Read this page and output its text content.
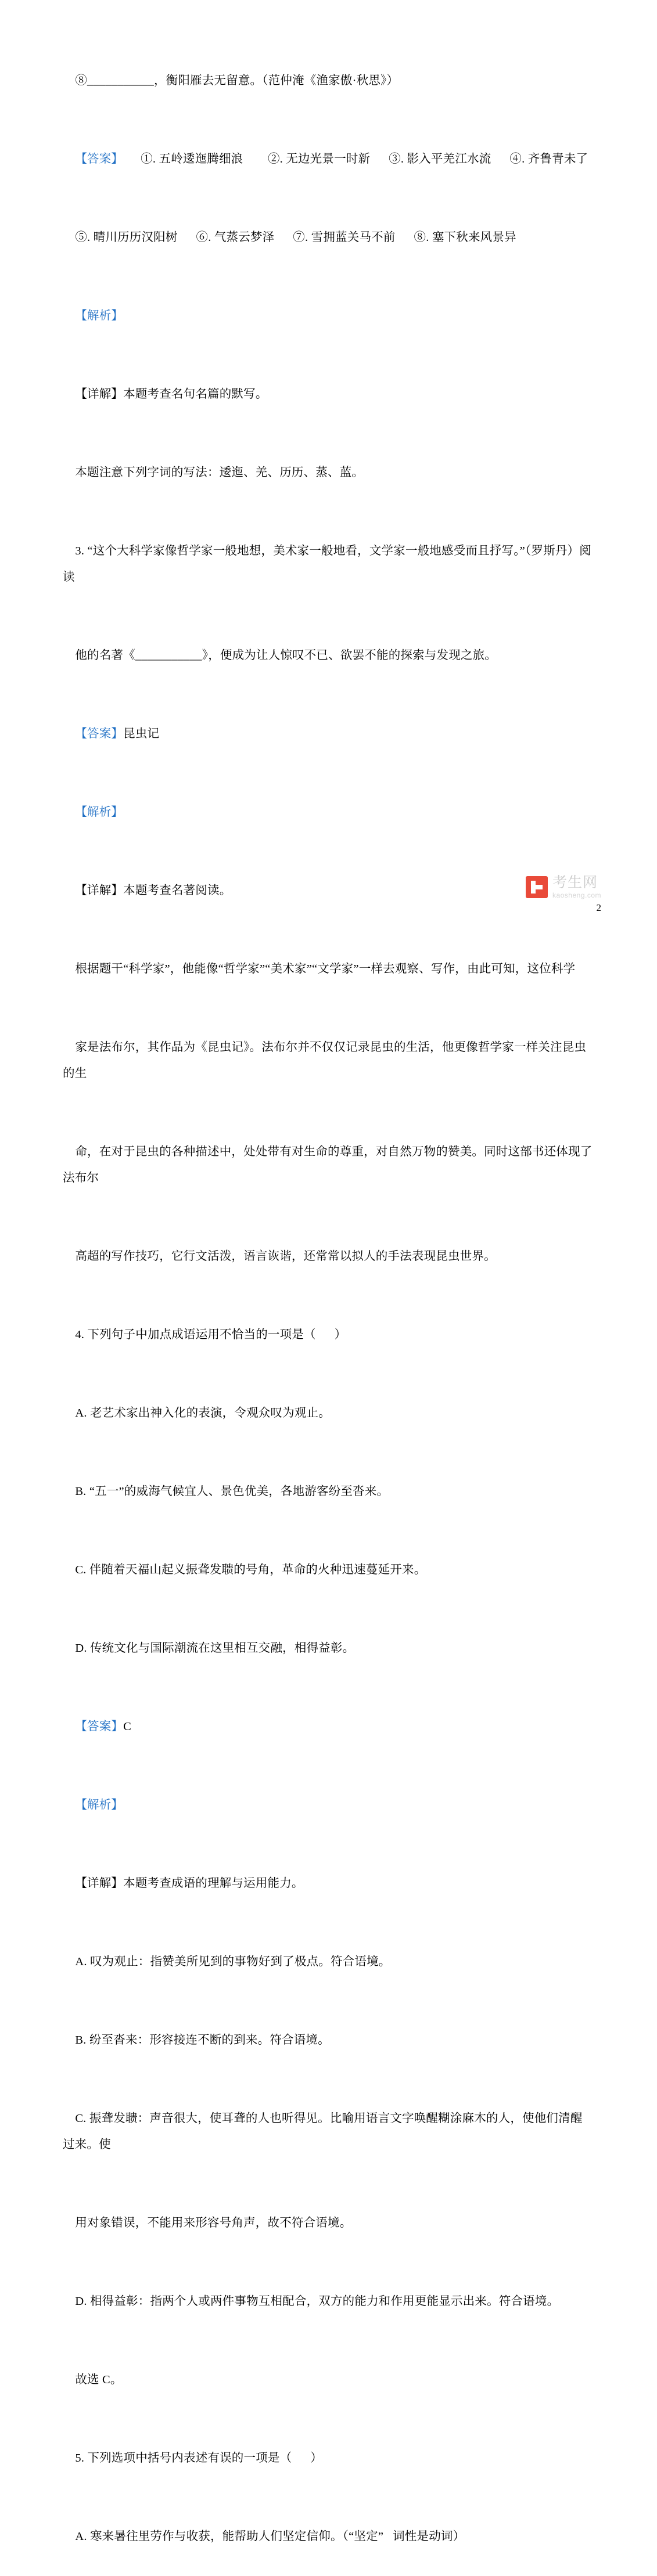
⑧___________，衡阳雁去无留意。（范仲淹《渔家傲·秋思》）

【答案】 ①. 五岭逶迤腾细浪        ②. 无边光景一时新      ③. 影入平羌江水流      ④. 齐鲁青未了

⑤. 晴川历历汉阳树      ⑥. 气蒸云梦泽      ⑦. 雪拥蓝关马不前      ⑧. 塞下秋来风景异

【解析】

【详解】本题考查名句名篇的默写。

本题注意下列字词的写法：逶迤、羌、历历、蒸、蓝。

3. “这个大科学家像哲学家一般地想，美术家一般地看，文学家一般地感受而且抒写。”（罗斯丹）阅读

他的名著《___________》，便成为让人惊叹不已、欲罢不能的探索与发现之旅。

【答案】昆虫记

【解析】

【详解】本题考查名著阅读。

根据题干“科学家”，他能像“哲学家”“美术家”“文学家”一样去观察、写作，由此可知，这位科学

家是法布尔，其作品为《昆虫记》。法布尔并不仅仅记录昆虫的生活，他更像哲学家一样关注昆虫的生

命，在对于昆虫的各种描述中，处处带有对生命的尊重，对自然万物的赞美。同时这部书还体现了法布尔

高超的写作技巧，它行文活泼，语言诙谐，还常常以拟人的手法表现昆虫世界。

4. 下列句子中加点成语运用不恰当的一项是（      ）

A. 老艺术家出神入化的表演，令观众叹为观止。

B. “五一”的威海气候宜人、景色优美，各地游客纷至沓来。

C. 伴随着天福山起义振聋发聩的号角，革命的火种迅速蔓延开来。

D. 传统文化与国际潮流在这里相互交融，相得益彰。

【答案】C

【解析】

【详解】本题考查成语的理解与运用能力。

A. 叹为观止：指赞美所见到的事物好到了极点。符合语境。

B. 纷至沓来：形容接连不断的到来。符合语境。

C. 振聋发聩：声音很大，使耳聋的人也听得见。比喻用语言文字唤醒糊涂麻木的人，使他们清醒过来。使

用对象错误，不能用来形容号角声，故不符合语境。

D. 相得益彰：指两个人或两件事物互相配合，双方的能力和作用更能显示出来。符合语境。

故选 C。

5. 下列选项中括号内表述有误的一项是（      ）

A. 寒来暑往里劳作与收获，能帮助人们坚定信仰。（“坚定”   词性是动词）

考生网
kaosheng.com
2
